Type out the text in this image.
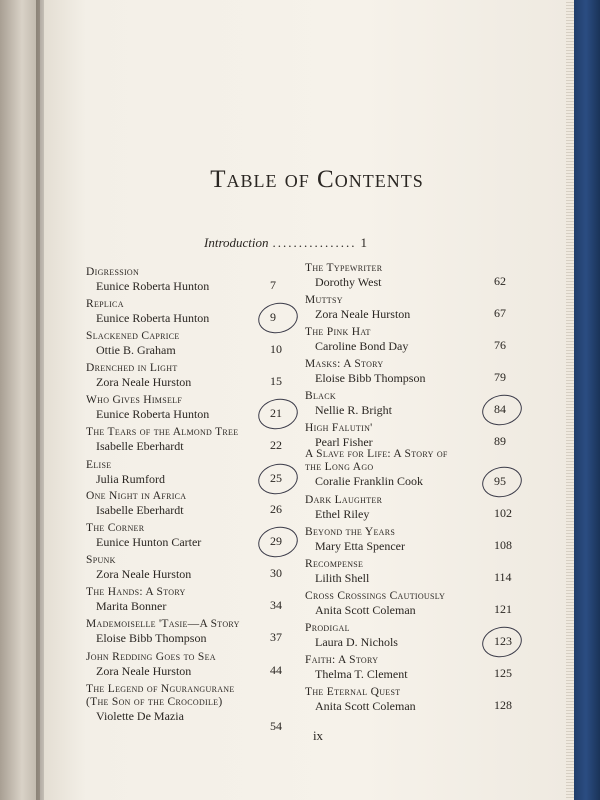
Table of Contents
Introduction ................ 1
Digression
Eunice Roberta Hunton	7
Replica
Eunice Roberta Hunton	9
Slackened Caprice
Ottie B. Graham	10
Drenched in Light
Zora Neale Hurston	15
Who Gives Himself
Eunice Roberta Hunton	21
The Tears of the Almond Tree
Isabelle Eberhardt	22
Elise
Julia Rumford	25
One Night in Africa
Isabelle Eberhardt	26
The Corner
Eunice Hunton Carter	29
Spunk
Zora Neale Hurston	30
The Hands: A Story
Marita Bonner	34
Mademoiselle 'Tasie—A Story
Eloise Bibb Thompson	37
John Redding Goes to Sea
Zora Neale Hurston	44
The Legend of Ngurangurane
(The Son of the Crocodile)
Violette De Mazia
54
The Typewriter
Dorothy West	62
Muttsy
Zora Neale Hurston	67
The Pink Hat
Caroline Bond Day	76
Masks: A Story
Eloise Bibb Thompson	79
Black
Nellie R. Bright	84
High Falutin'
Pearl Fisher	89
A Slave for Life: A Story of
the Long Ago
Coralie Franklin Cook	95
Dark Laughter
Ethel Riley	102
Beyond the Years
Mary Etta Spencer	108
Recompense
Lilith Shell	114
Cross Crossings Cautiously
Anita Scott Coleman	121
Prodigal
Laura D. Nichols	123
Faith: A Story
Thelma T. Clement	125
The Eternal Quest
Anita Scott Coleman	128
ix
